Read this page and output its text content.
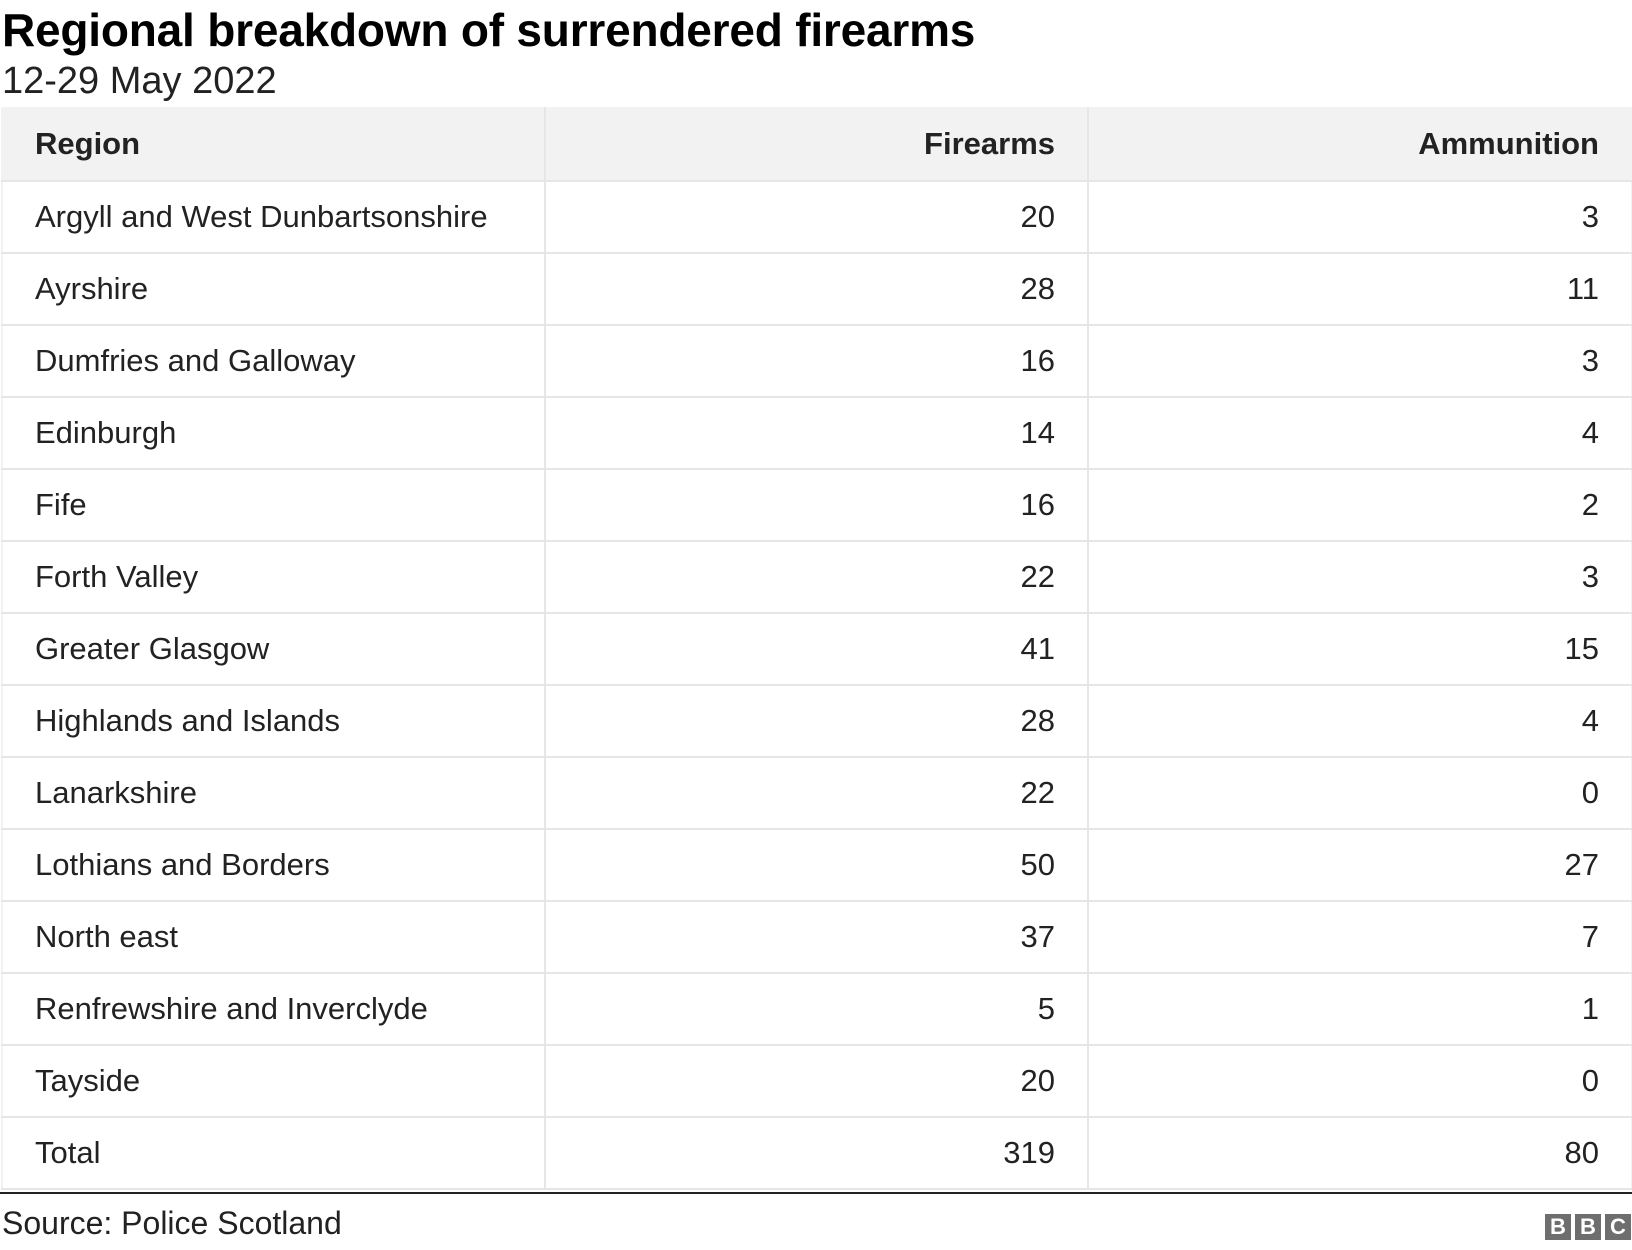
Regional breakdown of surrendered firearms
12-29 May 2022
Region	Firearms	Ammunition
Argyll and West Dunbartsonshire	20	3
Ayrshire	28	11
Dumfries and Galloway	16	3
Edinburgh	14	4
Fife	16	2
Forth Valley	22	3
Greater Glasgow	41	15
Highlands and Islands	28	4
Lanarkshire	22	0
Lothians and Borders	50	27
North east	37	7
Renfrewshire and Inverclyde	5	1
Tayside	20	0
Total	319	80
Source: Police Scotland	B B C
